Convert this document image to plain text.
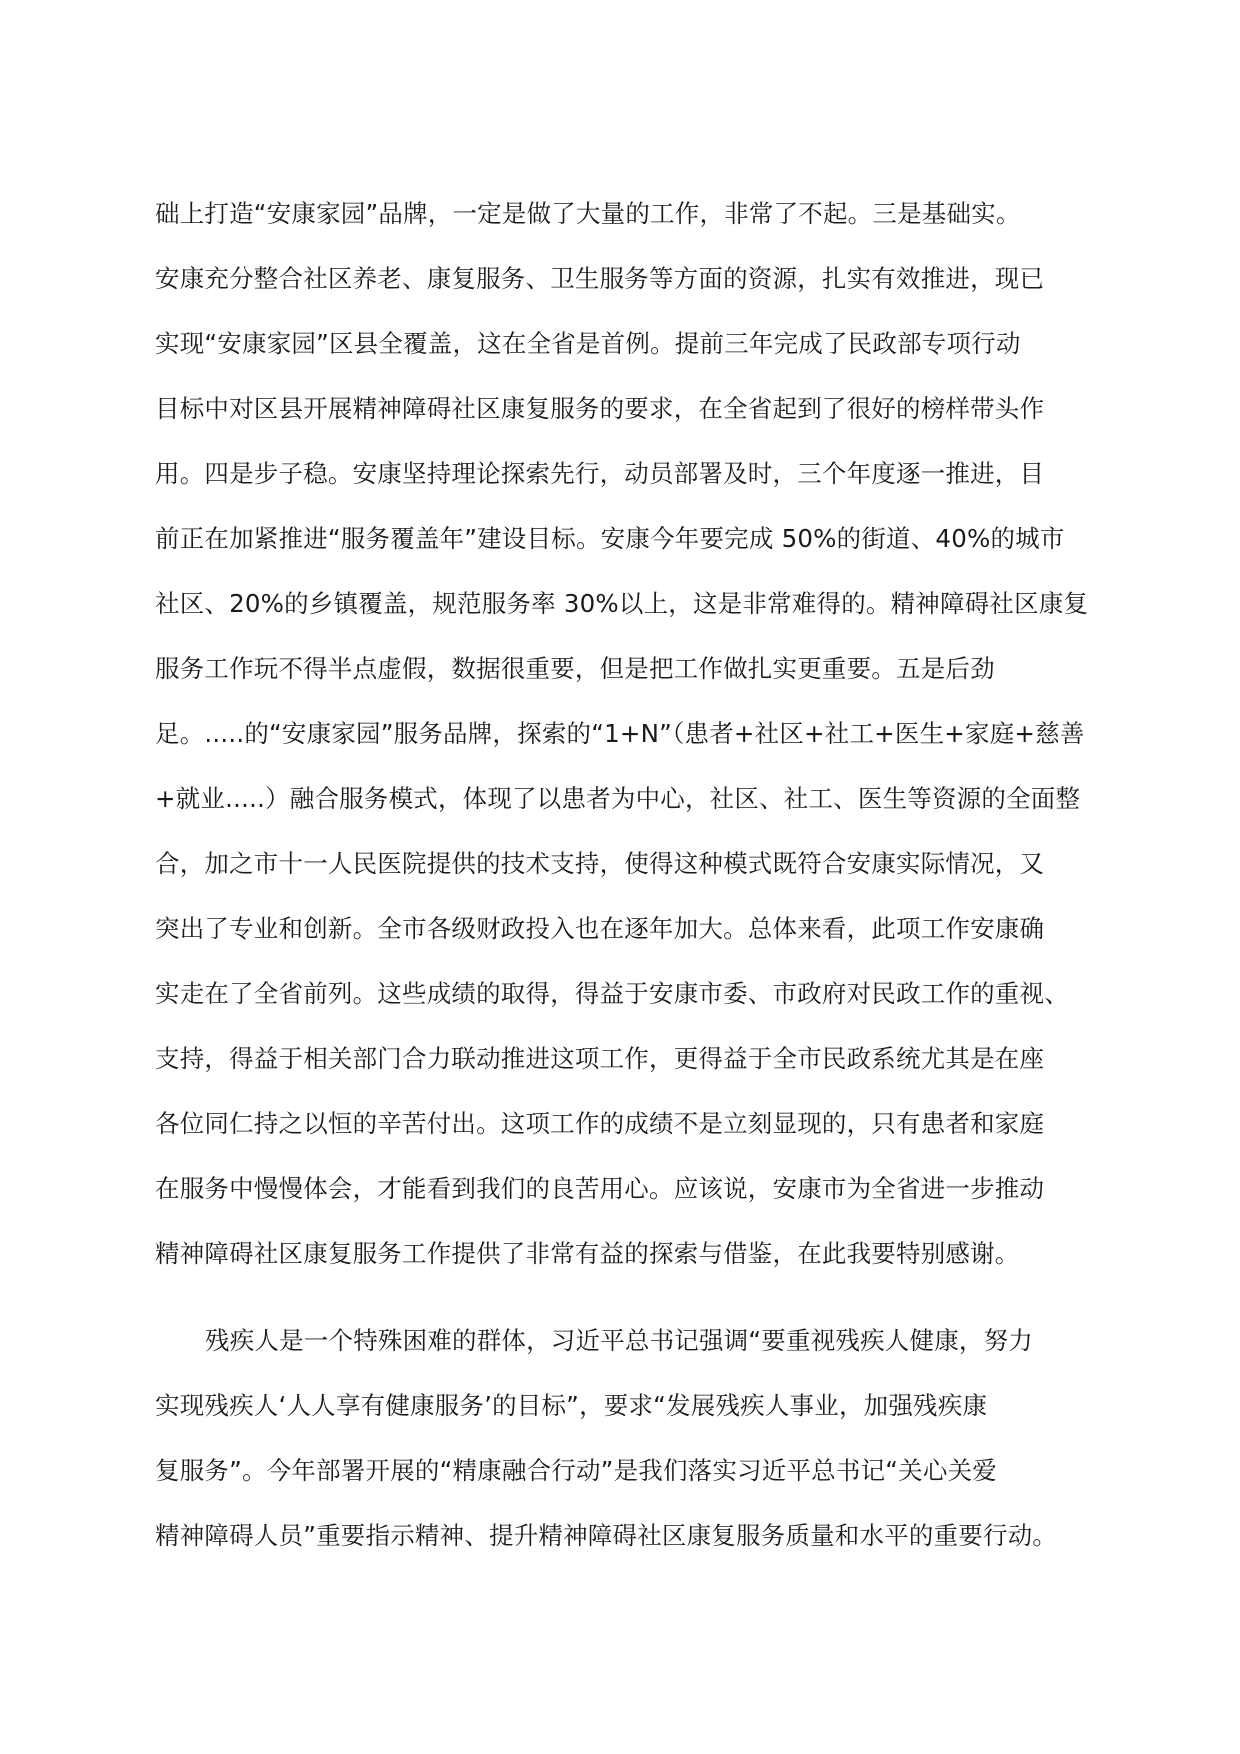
础上打造“安康家园”品牌，一定是做了大量的工作，非常了不起。三是基础实。
安康充分整合社区养老、康复服务、卫生服务等方面的资源，扎实有效推进，现已
实现“安康家园”区县全覆盖，这在全省是首例。提前三年完成了民政部专项行动
目标中对区县开展精神障碍社区康复服务的要求，在全省起到了很好的榜样带头作
用。四是步子稳。安康坚持理论探索先行，动员部署及时，三个年度逐一推进，目
前正在加紧推进“服务覆盖年”建设目标。安康今年要完成 50%的街道、40%的城市
社区、20%的乡镇覆盖，规范服务率 30%以上，这是非常难得的。精神障碍社区康复
服务工作玩不得半点虚假，数据很重要，但是把工作做扎实更重要。五是后劲
足。.....的“安康家园”服务品牌，探索的“1+N”（患者+社区+社工+医生+家庭+慈善
+就业.....）融合服务模式，体现了以患者为中心，社区、社工、医生等资源的全面整
合，加之市十一人民医院提供的技术支持，使得这种模式既符合安康实际情况，又
突出了专业和创新。全市各级财政投入也在逐年加大。总体来看，此项工作安康确
实走在了全省前列。这些成绩的取得，得益于安康市委、市政府对民政工作的重视、
支持，得益于相关部门合力联动推进这项工作，更得益于全市民政系统尤其是在座
各位同仁持之以恒的辛苦付出。这项工作的成绩不是立刻显现的，只有患者和家庭
在服务中慢慢体会，才能看到我们的良苦用心。应该说，安康市为全省进一步推动
精神障碍社区康复服务工作提供了非常有益的探索与借鉴，在此我要特别感谢。
残疾人是一个特殊困难的群体，习近平总书记强调“要重视残疾人健康，努力
实现残疾人‘人人享有健康服务’的目标”，要求“发展残疾人事业，加强残疾康
复服务”。今年部署开展的“精康融合行动”是我们落实习近平总书记“关心关爱
精神障碍人员”重要指示精神、提升精神障碍社区康复服务质量和水平的重要行动。
